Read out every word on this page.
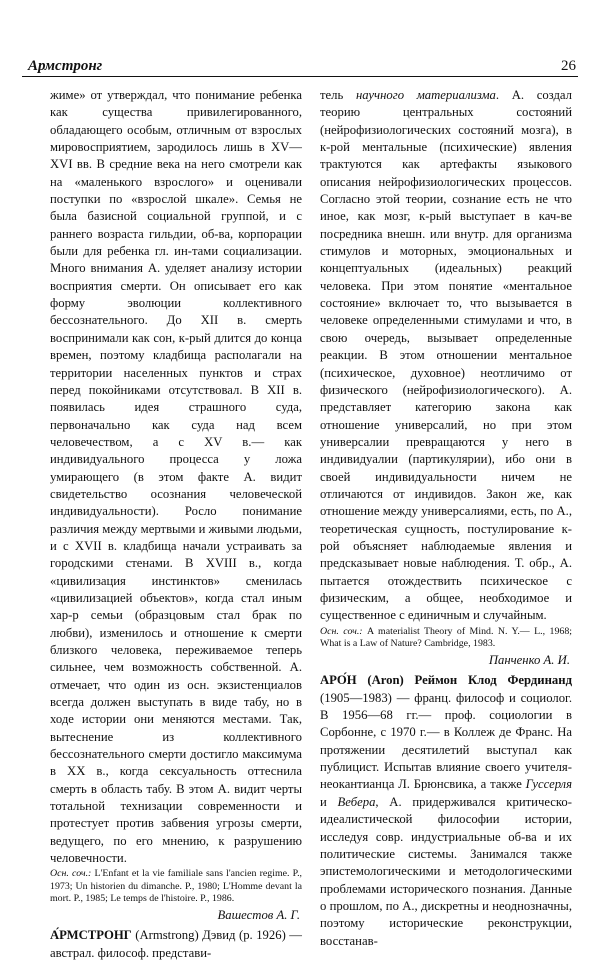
Армстронг	26

жиме» от утверждал, что понимание ребенка как существа привилегированного, обладающего особым, отличным от взрослых мировосприятием, зародилось лишь в XV—XVI вв. В средние века на него смотрели как на «маленького взрослого» и оценивали поступки по «взрослой шкале». Семья не была базисной социальной группой, и с раннего возраста гильдии, об-ва, корпорации были для ребенка гл. ин-тами социализации. Много внимания А. уделяет анализу истории восприятия смерти. Он описывает его как форму эволюции коллективного бессознательного. До XII в. смерть воспринимали как сон, к-рый длится до конца времен, поэтому кладбища располагали на территории населенных пунктов и страх перед покойниками отсутствовал. В XII в. появилась идея страшного суда, первоначально как суда над всем человечеством, а с XV в.— как индивидуального процесса у ложа умирающего (в этом факте А. видит свидетельство осознания человеческой индивидуальности). Росло понимание различия между мертвыми и живыми людьми, и с XVII в. кладбища начали устраивать за городскими стенами. В XVIII в., когда «цивилизация инстинктов» сменилась «цивилизацией объектов», когда стал иным хар-р семьи (образцовым стал брак по любви), изменилось и отношение к смерти близкого человека, переживаемое теперь сильнее, чем возможность собственной. А. отмечает, что один из осн. экзистенциалов всегда должен выступать в виде табу, но в ходе истории они меняются местами. Так, вытеснение из коллективного бессознательного смерти достигло максимума в XX в., когда сексуальность оттеснила смерть в область табу. В этом А. видит черты тотальной технизации современности и протестует против забвения угрозы смерти, ведущего, по его мнению, к разрушению человечности.

Осн. соч.: L'Enfant et la vie familiale sans l'ancien regime. P., 1973; Un historien du dimanche. P., 1980; L'Homme devant la mort. P., 1985; Le temps de l'histoire. P., 1986.

Вашестов А. Г.

А́РМСТРОНГ (Armstrong) Дэвид (р. 1926) — австрал. философ. представи-

тель научного материализма. А. создал теорию центральных состояний (нейрофизиологических состояний мозга), в к-рой ментальные (психические) явления трактуются как артефакты языкового описания нейрофизиологических процессов. Согласно этой теории, сознание есть не что иное, как мозг, к-рый выступает в кач-ве посредника внешн. или внутр. для организма стимулов и моторных, эмоциональных и концептуальных (идеальных) реакций человека. При этом понятие «ментальное состояние» включает то, что вызывается в человеке определенными стимулами и что, в свою очередь, вызывает определенные реакции. В этом отношении ментальное (психическое, духовное) неотличимо от физического (нейрофизиологического). А. представляет категорию закона как отношение универсалий, но при этом универсалии превращаются у него в индивидуалии (партикулярии), ибо они в своей индивидуальности ничем не отличаются от индивидов. Закон же, как отношение между универсалиями, есть, по А., теоретическая сущность, постулирование к-рой объясняет наблюдаемые явления и предсказывает новые наблюдения. Т. обр., А. пытается отождествить психическое с физическим, а общее, необходимое и существенное с единичным и случайным.

Осн. соч.: A materialist Theory of Mind. N. Y.— L., 1968; What is a Law of Nature? Cambridge, 1983.

Панченко А. И.

АРО́Н (Aron) Реймон Клод Фердинанд (1905—1983) — франц. философ и социолог. В 1956—68 гг.— проф. социологии в Сорбонне, с 1970 г.— в Коллеж де Франс. На протяжении десятилетий выступал как публицист. Испытав влияние своего учителя-неокантианца Л. Брюнсвика, а также Гуссерля и Вебера, А. придерживался критическо-идеалистической философии истории, исследуя совр. индустриальные об-ва и их политические системы. Занимался также эпистемологическими и методологическими проблемами исторического познания. Данные о прошлом, по А., дискретны и неоднозначны, поэтому исторические реконструкции, восстанав-
